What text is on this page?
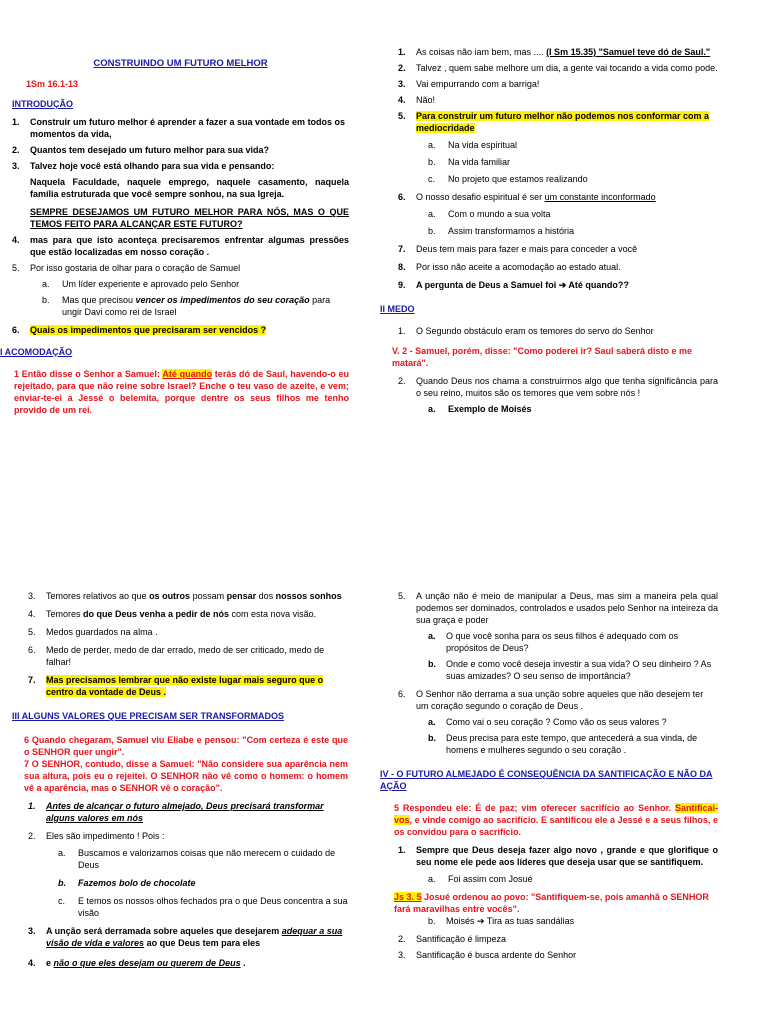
CONSTRUINDO UM FUTURO MELHOR
1Sm 16.1-13
INTRODUÇÃO
1. Construir um futuro melhor é aprender a fazer a sua vontade em todos os momentos da vida,
2. Quantos tem desejado um futuro melhor para sua vida?
3. Talvez hoje você está olhando para sua vida e pensando:
Naquela Faculdade, naquele emprego, naquele casamento, naquela família estruturada que você sempre sonhou, na sua Igreja.
SEMPRE DESEJAMOS UM FUTURO MELHOR PARA NÓS, MAS O QUE TEMOS FEITO PARA ALCANÇAR ESTE FUTURO?
4. mas para que isto aconteça precisaremos enfrentar algumas pressões que estão localizadas em nosso coração .
5. Por isso gostaria de olhar para o coração de Samuel
a. Um líder experiente e aprovado pelo Senhor
b. Mas que precisou vencer os impedimentos do seu coração para ungir Davi como rei de Israel
6. Quais os impedimentos que precisaram ser vencidos ?
I ACOMODAÇÃO
1 Então disse o Senhor a Samuel: Até quando terás dó de Saul, havendo-o eu rejeitado, para que não reine sobre Israel? Enche o teu vaso de azeite, e vem; enviar-te-ei a Jessé o belemita, porque dentre os seus filhos me tenho provido de um rei.
1. As coisas não iam bem, mas .... (I Sm 15.35) "Samuel teve dó de Saul."
2. Talvez , quem sabe melhore um dia, a gente vai tocando a vida como pode.
3. Vai empurrando com a barriga!
4. Não!
5. Para construir um futuro melhor não podemos nos conformar com a mediocridade
a. Na vida espiritual
b. Na vida familiar
c. No projeto que estamos realizando
6. O nosso desafio espiritual é ser um constante inconformado
a. Com o mundo a sua volta
b. Assim transformamos a história
7. Deus tem mais para fazer e mais para conceder a você
8. Por isso não aceite a acomodação ao estado atual.
9. A pergunta de Deus a Samuel foi ➔ Até quando??
II MEDO
1. O Segundo obstáculo eram os temores do servo do Senhor
V. 2 - Samuel, porém, disse: "Como poderei ir? Saul saberá disto e me matará".
2. Quando Deus nos chama a construirmos algo que tenha significância para o seu reino, muitos são os temores que vem sobre nós !
a. Exemplo de Moisés
3. Temores relativos ao que os outros possam pensar dos nossos sonhos
4. Temores do que Deus venha a pedir de nós com esta nova visão.
5. Medos guardados na alma .
6. Medo de perder, medo de dar errado, medo de ser criticado, medo de falhar!
7. Mas precisamos lembrar que não existe lugar mais seguro que o centro da vontade de Deus .
III ALGUNS VALORES QUE PRECISAM SER TRANSFORMADOS
6 Quando chegaram, Samuel viu Eliabe e pensou: "Com certeza é este que o SENHOR quer ungir".
7 O SENHOR, contudo, disse a Samuel: "Não considere sua aparência nem sua altura, pois eu o rejeitei. O SENHOR não vê como o homem: o homem vê a aparência, mas o SENHOR vê o coração".
1. Antes de alcançar o futuro almejado, Deus precisará transformar alguns valores em nós
2. Eles são impedimento ! Pois :
a. Buscamos e valorizamos coisas que não merecem o cuidado de Deus
b. Fazemos bolo de chocolate
c. E temos os nossos olhos fechados pra o que Deus concentra a sua visão
3. A unção será derramada sobre aqueles que desejarem adequar a sua visão de vida e valores ao que Deus tem para eles
4. e não o que eles desejam ou querem de Deus .
5. A unção não é meio de manipular a Deus, mas sim a maneira pela qual podemos ser dominados, controlados e usados pelo Senhor na inteireza da sua graça e poder
a. O que você sonha para os seus filhos é adequado com os propósitos de Deus?
b. Onde e como você deseja investir a sua vida? O seu dinheiro ? As suas amizades? O seu senso de importância?
6. O Senhor não derrama a sua unção sobre aqueles que não desejem ter um coração segundo o coração de Deus .
a. Como vai o seu coração ? Como vão os seus valores ?
b. Deus precisa para este tempo, que antecederá a sua vinda, de homens e mulheres segundo o seu coração .
IV - O FUTURO ALMEJADO É CONSEQUÊNCIA DA SANTIFICAÇÃO E NÃO DA AÇÃO
5 Respondeu ele: É de paz; vim oferecer sacrifício ao Senhor. Santificai-vos, e vinde comigo ao sacrifício. E santificou ele a Jessé e a seus filhos, e os convidou para o sacrifício.
1. Sempre que Deus deseja fazer algo novo , grande e que glorifique o seu nome ele pede aos líderes que deseja usar que se santifiquem.
a. Foi assim com Josué
Js 3. 5 Josué ordenou ao povo: "Santifiquem-se, pois amanhã o SENHOR fará maravilhas entre vocês".
b. Moisés ➔ Tira as tuas sandálias
2. Santificação é limpeza
3. Santificação é busca ardente do Senhor
